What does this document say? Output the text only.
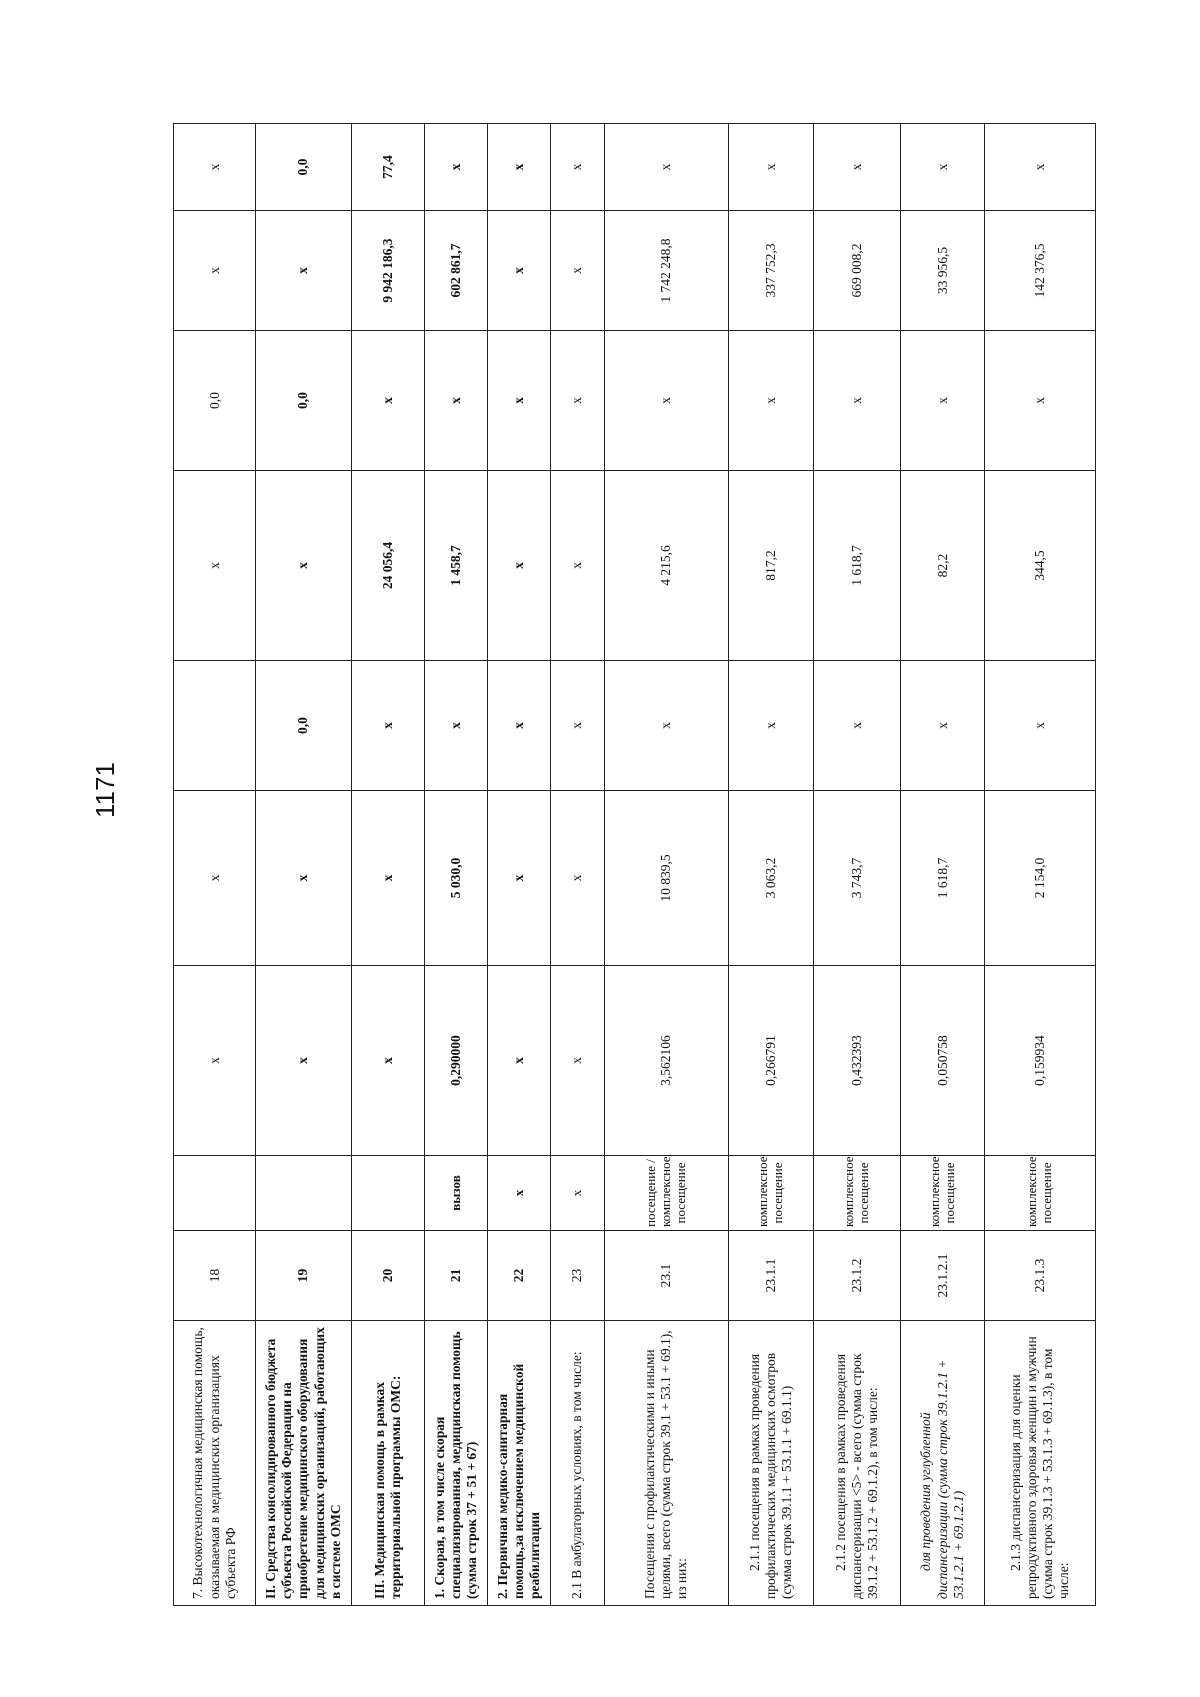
1171
7. Высокотехнологичная медицинская помощь, оказываемая в медицинских организациях субъекта РФ	18		х	х		х	0,0	х	х
II. Средства консолидированного бюджета субъекта Российской Федерации на приобретение медицинского оборудования для медицинских организаций, работающих в системе ОМС	19		х	х	0,0	х	0,0	х	0,0
III. Медицинская помощь в рамках территориальной программы ОМС:	20		х	х	х	24 056,4	х	9 942 186,3	77,4
1. Скорая, в том числе скорая специализированная, медицинская помощь (сумма строк 37 + 51 + 67)	21	вызов	0,290000	5 030,0	х	1 458,7	х	602 861,7	х
2. Первичная медико-санитарная помощь,за исключением медицинской реабилитации	22	х	х	х	х	х	х	х	х
2.1 В амбулаторных условиях, в том числе:	23	х	х	х	х	х	х	х	х
Посещения с профилактическими и иными целями, всего (сумма строк 39.1 + 53.1 + 69.1), из них:	23.1	посещение / комплексное посещение	3,562106	10 839,5	х	4 215,6	х	1 742 248,8	х

2.1.1 посещения в рамках проведения профилактических медицинских осмотров (сумма строк 39.1.1 + 53.1.1 + 69.1.1)	23.1.1	комплексное посещение	0,266791	3 063,2	х	817,2	х	337 752,3	х

2.1.2 посещения в рамках проведения диспансеризации <5> - всего (сумма строк 39.1.2 + 53.1.2 + 69.1.2), в том числе:	23.1.2	комплексное посещение	0,432393	3 743,7	х	1 618,7	х	669 008,2	х

для проведения углубленной диспансеризации (сумма строк 39.1.2.1 + 53.1.2.1 + 69.1.2.1)	23.1.2.1	комплексное посещение	0,050758	1 618,7	х	82,2	х	33 956,5	х

2.1.3 диспансеризация для оценки репродуктивного здоровья женщин и мужчин (сумма строк 39.1.3 + 53.1.3 + 69.1.3), в том числе:	23.1.3	комплексное посещение	0,159934	2 154,0	х	344,5	х	142 376,5	х
